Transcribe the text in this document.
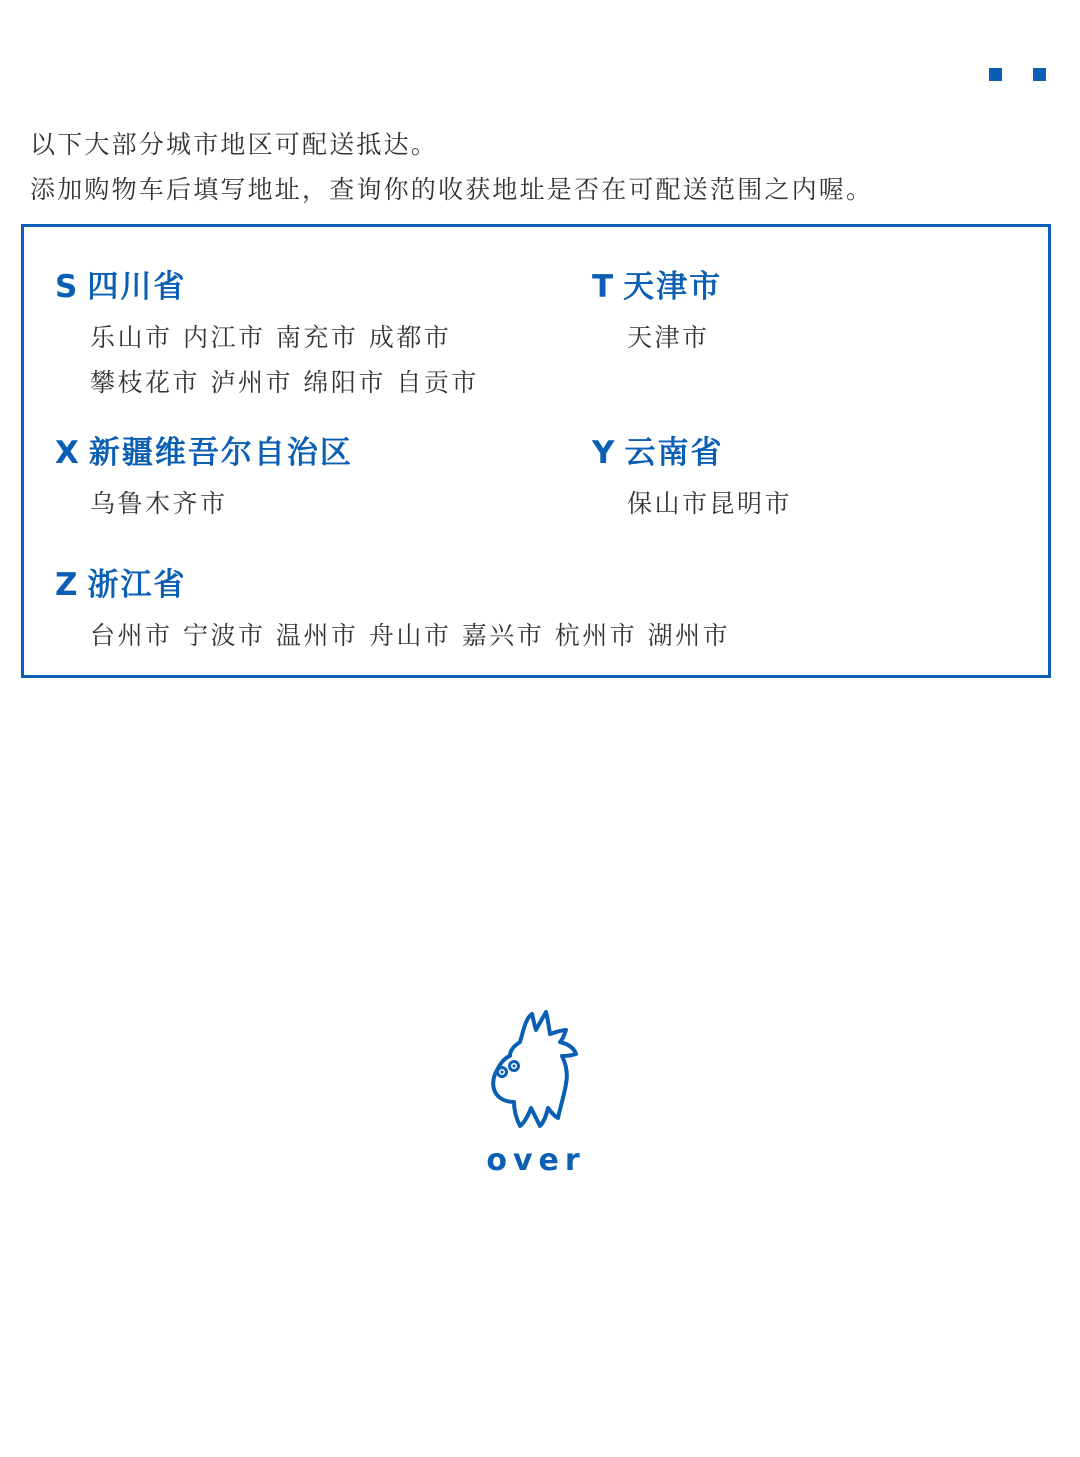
以下大部分城市地区可配送抵达。
添加购物车后填写地址，查询你的收获地址是否在可配送范围之内喔。
S 四川省
乐山市 内江市 南充市 成都市
攀枝花市 泸州市 绵阳市 自贡市
T 天津市
天津市
X 新疆维吾尔自治区
乌鲁木齐市
Y 云南省
保山市昆明市
Z 浙江省
台州市 宁波市 温州市 舟山市 嘉兴市 杭州市 湖州市
over
